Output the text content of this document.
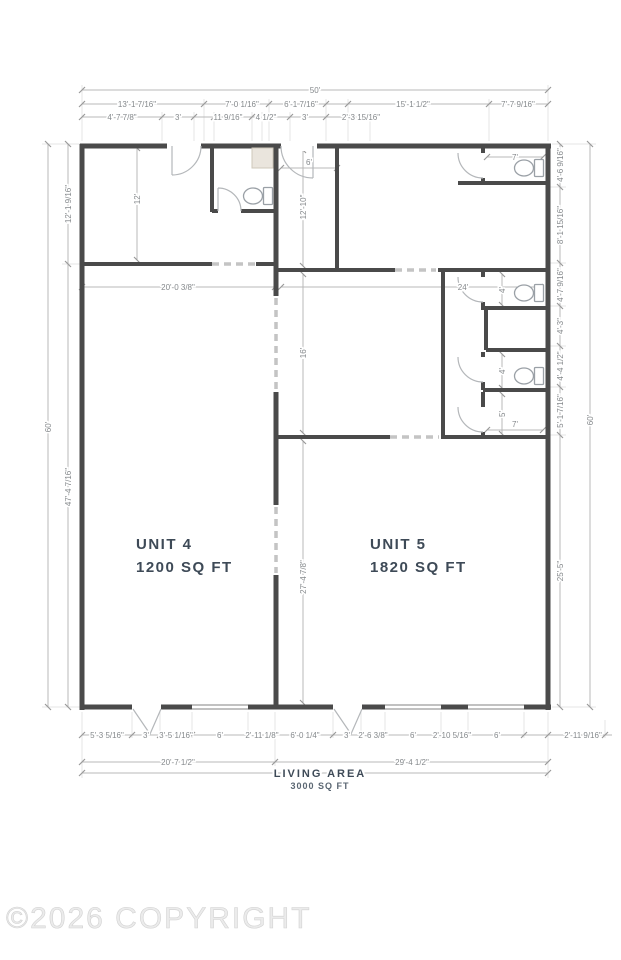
50'
13'-1 7/16"	7'-0 1/16"	6'-1 7/16"	15'-1 1/2"	7'-7 9/16"
4'-7 7/8"	3'	11 9/16" 4 1/2"	3'	2'-3 15/16"
60'
12'-1 9/16"
47'-4 7/16"
4'-6 9/16"
8'-1 15/16"
4'-7 9/16"
4'-3"
4'-4 1/2"
5'-1 7/16"
25'-5"
60'
5'-3 5/16" 3' 3'-5 1/16"	6'	2'-11 1/8" 6'-0 1/4"	3' 2'-6 3/8"	6' 2'-10 5/16"	6'	2'-11 9/16"
20'-7 1/2"	29'-4 1/2"
12'	12'-10"
6'
20'-0 3/8"	24'
16'
27'-4 7/8"
7'
4'
4'
5'
7'
UNIT 4
1200 SQ FT
UNIT 5
1820 SQ FT
LIVING AREA
3000 SQ FT
©2026 COPYRIGHT
